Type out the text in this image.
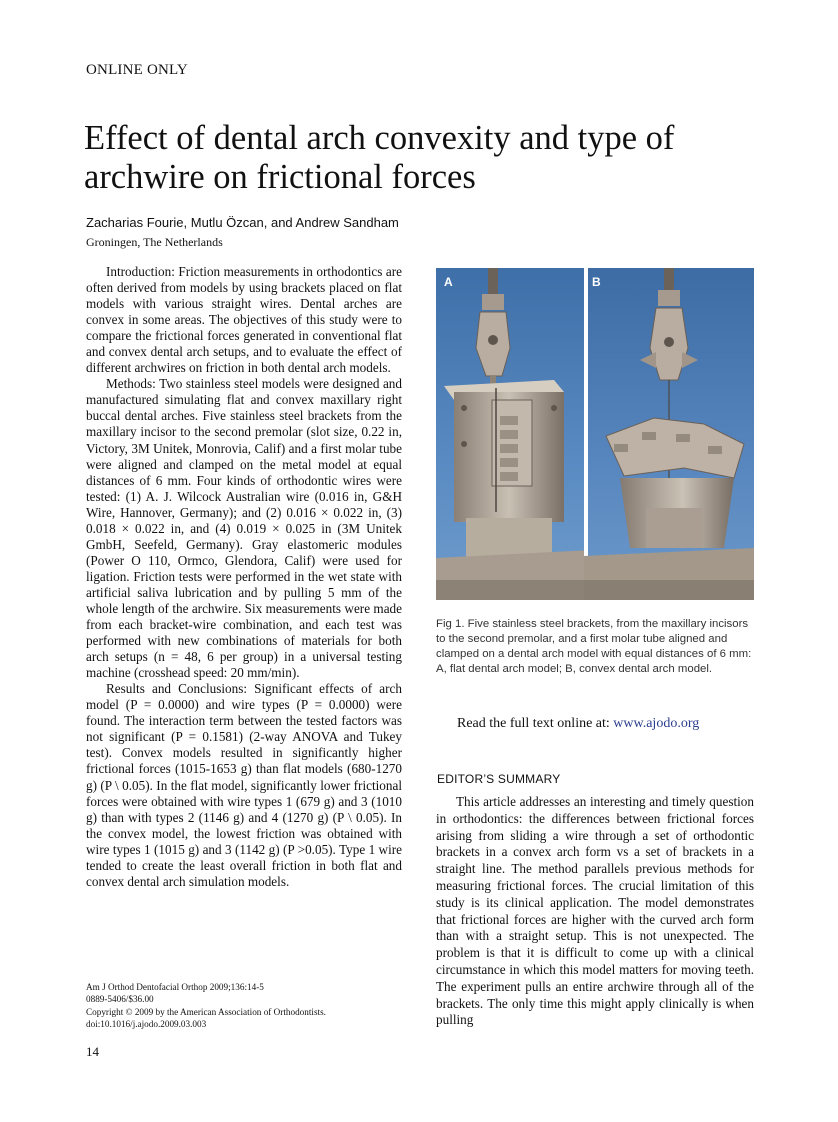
ONLINE ONLY
Effect of dental arch convexity and type of archwire on frictional forces
Zacharias Fourie, Mutlu Özcan, and Andrew Sandham
Groningen, The Netherlands

Introduction: Friction measurements in orthodontics are often derived from models by using brackets placed on flat models with various straight wires. Dental arches are convex in some areas. The objectives of this study were to compare the frictional forces generated in conventional flat and convex dental arch setups, and to evaluate the effect of different archwires on friction in both dental arch models.

Methods: Two stainless steel models were designed and manufactured simulating flat and convex maxillary right buccal dental arches. Five stainless steel brackets from the maxillary incisor to the second premolar (slot size, 0.22 in, Victory, 3M Unitek, Monrovia, Calif) and a first molar tube were aligned and clamped on the metal model at equal distances of 6 mm. Four kinds of orthodontic wires were tested: (1) A. J. Wilcock Australian wire (0.016 in, G&H Wire, Hannover, Germany); and (2) 0.016 × 0.022 in, (3) 0.018 × 0.022 in, and (4) 0.019 × 0.025 in (3M Unitek GmbH, Seefeld, Germany). Gray elastomeric modules (Power O 110, Ormco, Glendora, Calif) were used for ligation. Friction tests were performed in the wet state with artificial saliva lubrication and by pulling 5 mm of the whole length of the archwire. Six measurements were made from each bracket-wire combination, and each test was performed with new combinations of materials for both arch setups (n = 48, 6 per group) in a universal testing machine (crosshead speed: 20 mm/min).

Results and Conclusions: Significant effects of arch model (P = 0.0000) and wire types (P = 0.0000) were found. The interaction term between the tested factors was not significant (P = 0.1581) (2-way ANOVA and Tukey test). Convex models resulted in significantly higher frictional forces (1015-1653 g) than flat models (680-1270 g) (P \ 0.05). In the flat model, significantly lower frictional forces were obtained with wire types 1 (679 g) and 3 (1010 g) than with types 2 (1146 g) and 4 (1270 g) (P \ 0.05). In the convex model, the lowest friction was obtained with wire types 1 (1015 g) and 3 (1142 g) (P >0.05). Type 1 wire tended to create the least overall friction in both flat and convex dental arch simulation models.

A	B
Fig 1. Five stainless steel brackets, from the maxillary incisors to the second premolar, and a first molar tube aligned and clamped on a dental arch model with equal distances of 6 mm: A, flat dental arch model; B, convex dental arch model.
Read the full text online at: www.ajodo.org
EDITOR’S SUMMARY

This article addresses an interesting and timely question in orthodontics: the differences between frictional forces arising from sliding a wire through a set of orthodontic brackets in a convex arch form vs a set of brackets in a straight line. The method parallels previous methods for measuring frictional forces. The crucial limitation of this study is its clinical application. The model demonstrates that frictional forces are higher with the curved arch form than with a straight setup. This is not unexpected. The problem is that it is difficult to come up with a clinical circumstance in which this model matters for moving teeth. The experiment pulls an entire archwire through all of the brackets. The only time this might apply clinically is when pulling

Am J Orthod Dentofacial Orthop 2009;136:14-5
0889-5406/$36.00
Copyright © 2009 by the American Association of Orthodontists.
doi:10.1016/j.ajodo.2009.03.003
14
